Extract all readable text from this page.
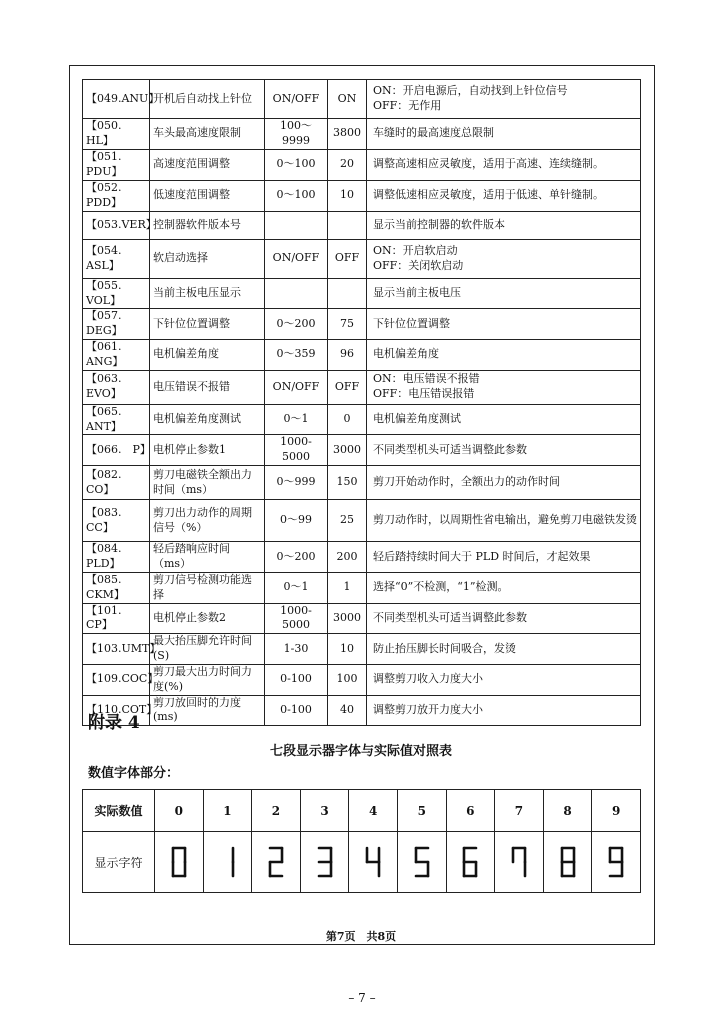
【049.ANU】	开机后自动找上针位	ON/OFF	ON	ON：开启电源后，自动找到上针位信号
OFF：无作用

【050. HL】	车头最高速度限制	100～9999	3800	车缝时的最高速度总限制

【051. PDU】	高速度范围调整	0～100	20	调整高速相应灵敏度，适用于高速、连续缝制。

【052. PDD】	低速度范围调整	0～100	10	调整低速相应灵敏度，适用于低速、单针缝制。

【053.VER】	控制器软件版本号			显示当前控制器的软件版本

【054. ASL】	软启动选择	ON/OFF	OFF	ON：开启软启动
OFF：关闭软启动

【055. VOL】	当前主板电压显示			显示当前主板电压

【057. DEG】	下针位位置调整	0～200	75	下针位位置调整

【061. ANG】	电机偏差角度	0～359	96	电机偏差角度

【063. EVO】	电压错误不报错	ON/OFF	OFF	ON：电压错误不报错
OFF：电压错误报错

【065. ANT】	电机偏差角度测试	0～1	0	电机偏差角度测试

【066.　P】	电机停止参数1	1000-5000	3000	不同类型机头可适当调整此参数

【082.　CO】	剪刀电磁铁全额出力时间（ms）	0～999	150	剪刀开始动作时，全额出力的动作时间

【083.　CC】	剪刀出力动作的周期信号（%）	0～99	25	剪刀动作时，以周期性省电输出，避免剪刀电磁铁发烫

【084. PLD】	轻后踏响应时间（ms）	0～200	200	轻后踏持续时间大于 PLD 时间后，才起效果

【085. CKM】	剪刀信号检测功能选择	0～1	1	选择“0”不检测，“1”检测。

【101.　CP】	电机停止参数2	1000-5000	3000	不同类型机头可适当调整此参数

【103.UMT】	最大抬压脚允许时间(S)	1-30	10	防止抬压脚长时间吸合，发烫

【109.COC】	剪刀最大出力时间力度(%)	0-100	100	调整剪刀收入力度大小

【110.COT】	剪刀放回时的力度(ms)	0-100	40	调整剪刀放开力度大小
附录 4
七段显示器字体与实际值对照表
数值字体部分：
实际数值	0	1	2	3	4	5	6	7	8	9
显示字符	

第7页　共8页
– 7 –
